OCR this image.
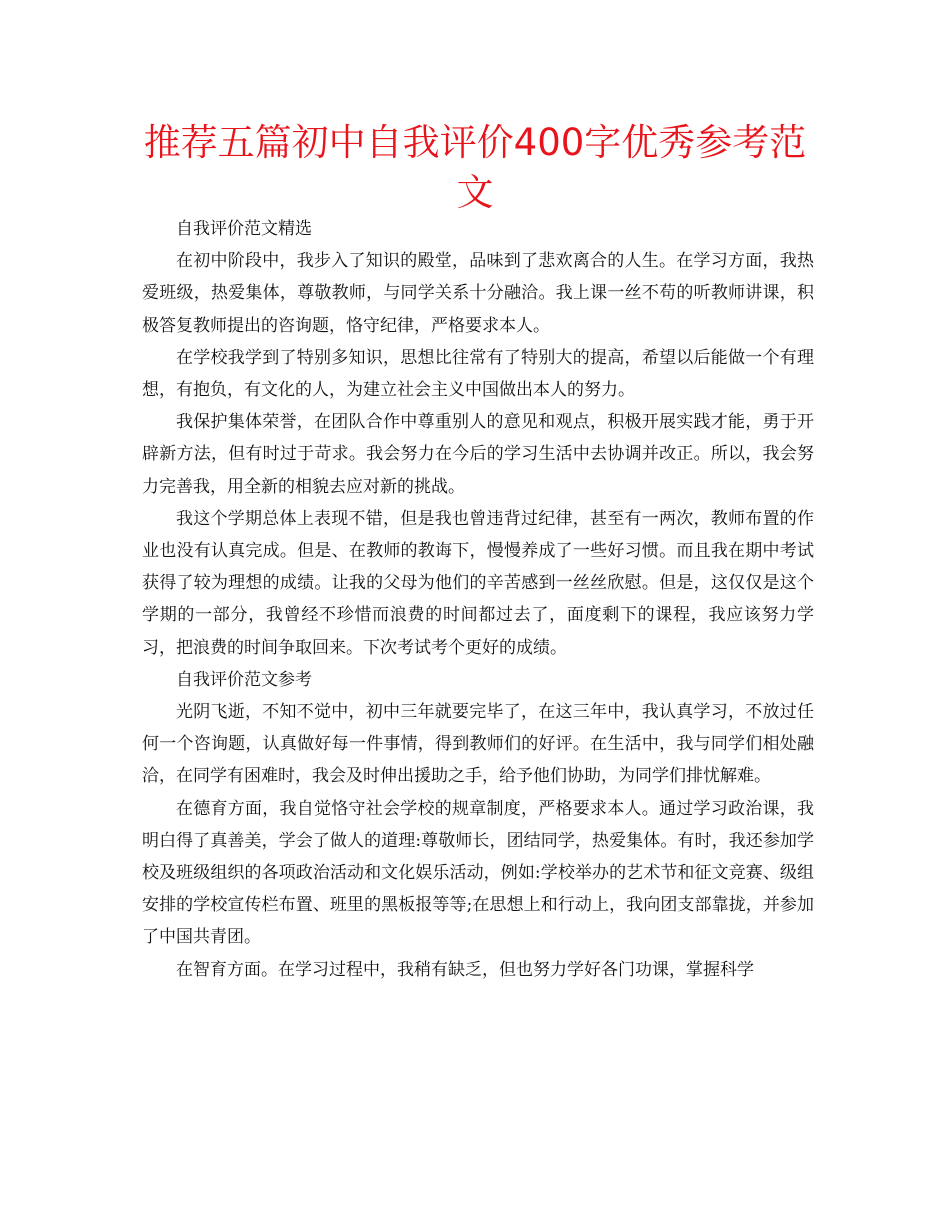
推荐五篇初中自我评价400字优秀参考范文

自我评价范文精选

在初中阶段中，我步入了知识的殿堂，品味到了悲欢离合的人生。在学习方面，我热爱班级，热爱集体，尊敬教师，与同学关系十分融洽。我上课一丝不苟的听教师讲课，积极答复教师提出的咨询题，恪守纪律，严格要求本人。

在学校我学到了特别多知识，思想比往常有了特别大的提高，希望以后能做一个有理想，有抱负，有文化的人，为建立社会主义中国做出本人的努力。

我保护集体荣誉，在团队合作中尊重别人的意见和观点，积极开展实践才能，勇于开辟新方法，但有时过于苛求。我会努力在今后的学习生活中去协调并改正。所以，我会努力完善我，用全新的相貌去应对新的挑战。

我这个学期总体上表现不错，但是我也曾违背过纪律，甚至有一两次，教师布置的作业也没有认真完成。但是、在教师的教诲下，慢慢养成了一些好习惯。而且我在期中考试获得了较为理想的成绩。让我的父母为他们的辛苦感到一丝丝欣慰。但是，这仅仅是这个学期的一部分，我曾经不珍惜而浪费的时间都过去了，面度剩下的课程，我应该努力学习，把浪费的时间争取回来。下次考试考个更好的成绩。

自我评价范文参考

光阴飞逝，不知不觉中，初中三年就要完毕了，在这三年中，我认真学习，不放过任何一个咨询题，认真做好每一件事情，得到教师们的好评。在生活中，我与同学们相处融洽，在同学有困难时，我会及时伸出援助之手，给予他们协助，为同学们排忧解难。

在德育方面，我自觉恪守社会学校的规章制度，严格要求本人。通过学习政治课，我明白得了真善美，学会了做人的道理:尊敬师长，团结同学，热爱集体。有时，我还参加学校及班级组织的各项政治活动和文化娱乐活动，例如:学校举办的艺术节和征文竞赛、级组安排的学校宣传栏布置、班里的黑板报等等;在思想上和行动上，我向团支部靠拢，并参加了中国共青团。

在智育方面。在学习过程中，我稍有缺乏，但也努力学好各门功课，掌握科学
